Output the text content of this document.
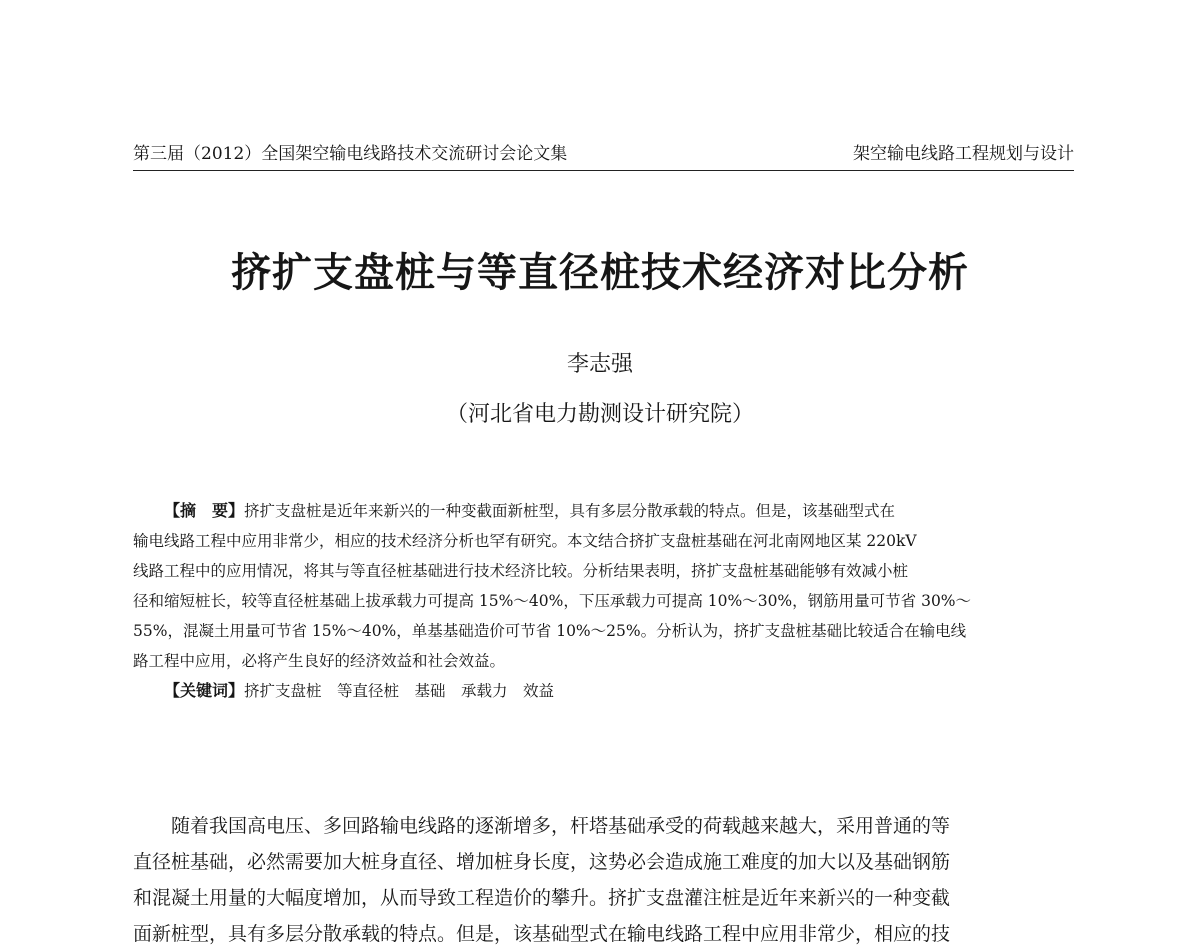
第三届（2012）全国架空输电线路技术交流研讨会论文集	架空输电线路工程规划与设计
挤扩支盘桩与等直径桩技术经济对比分析
李志强
（河北省电力勘测设计研究院）
【摘　要】挤扩支盘桩是近年来新兴的一种变截面新桩型，具有多层分散承载的特点。但是，该基础型式在
输电线路工程中应用非常少，相应的技术经济分析也罕有研究。本文结合挤扩支盘桩基础在河北南网地区某 220kV
线路工程中的应用情况，将其与等直径桩基础进行技术经济比较。分析结果表明，挤扩支盘桩基础能够有效减小桩
径和缩短桩长，较等直径桩基础上拔承载力可提高 15%～40%，下压承载力可提高 10%～30%，钢筋用量可节省 30%～
55%，混凝土用量可节省 15%～40%，单基基础造价可节省 10%～25%。分析认为，挤扩支盘桩基础比较适合在输电线
路工程中应用，必将产生良好的经济效益和社会效益。
【关键词】挤扩支盘桩　等直径桩　基础　承载力　效益
随着我国高电压、多回路输电线路的逐渐增多，杆塔基础承受的荷载越来越大，采用普通的等
直径桩基础，必然需要加大桩身直径、增加桩身长度，这势必会造成施工难度的加大以及基础钢筋
和混凝土用量的大幅度增加，从而导致工程造价的攀升。挤扩支盘灌注桩是近年来新兴的一种变截
面新桩型，具有多层分散承载的特点。但是，该基础型式在输电线路工程中应用非常少，相应的技
